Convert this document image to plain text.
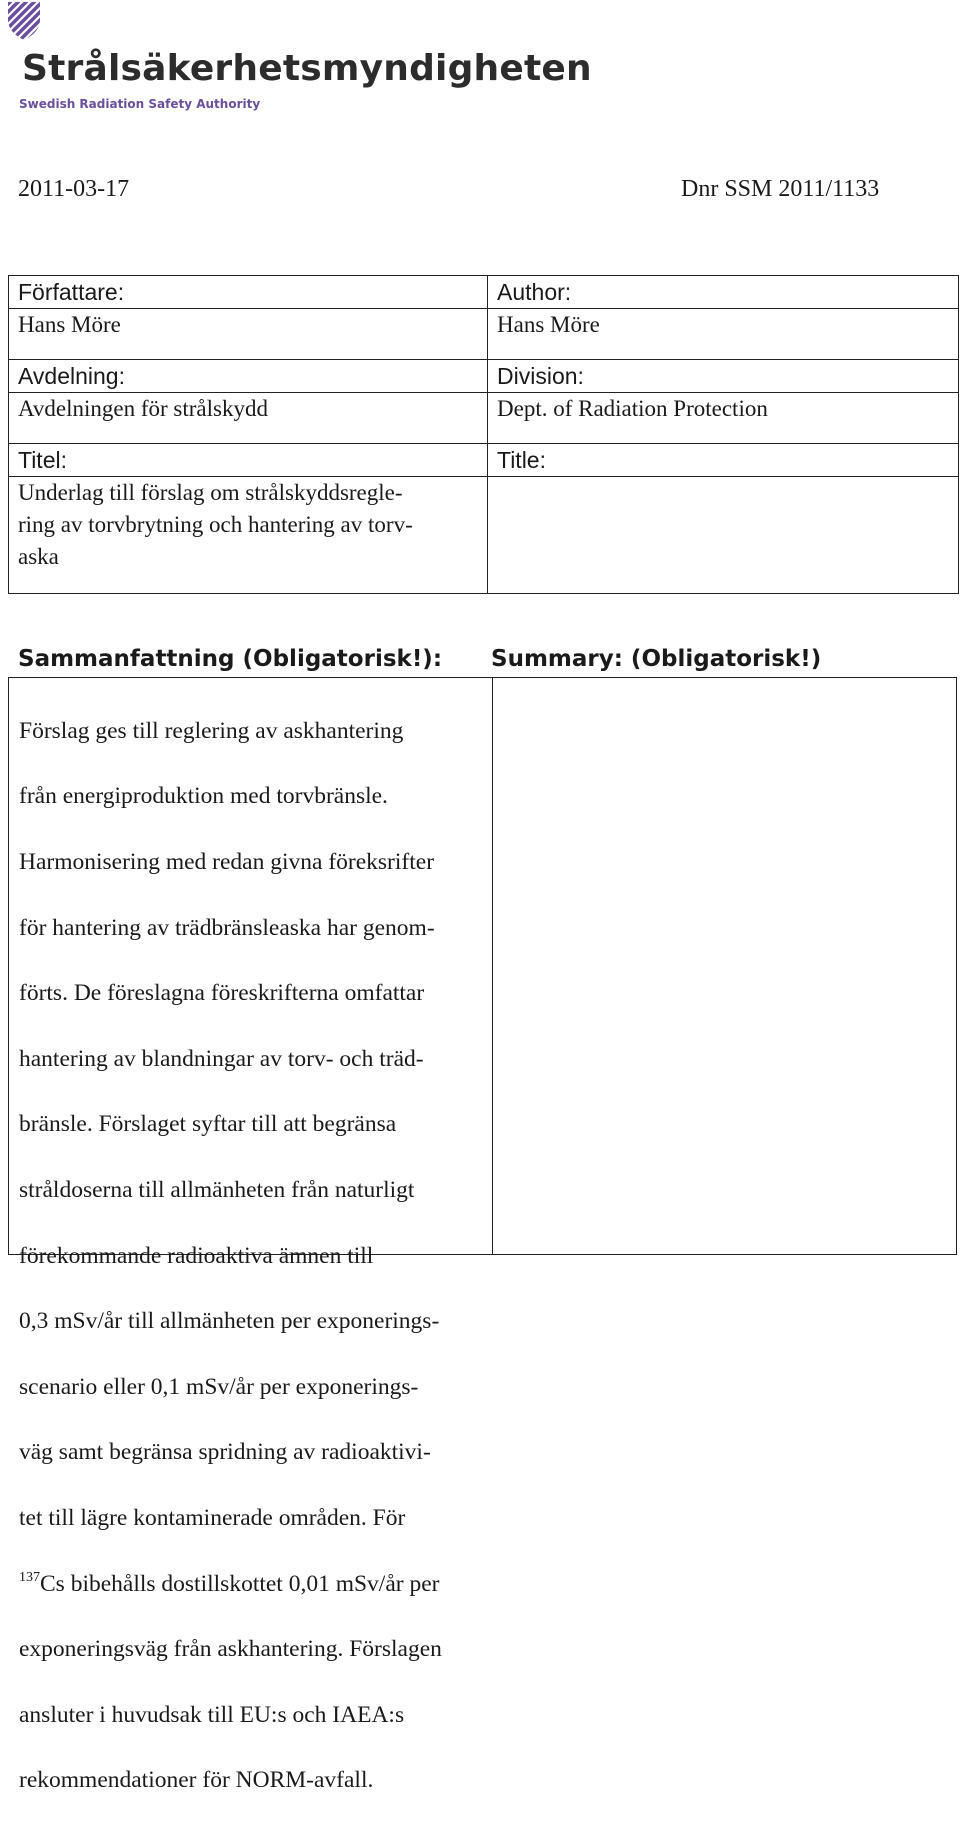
Strålsäkerhetsmyndigheten
Swedish Radiation Safety Authority
2011-03-17	Dnr SSM 2011/1133
Författare:	Author:
Hans Möre	Hans Möre
Avdelning:	Division:
Avdelningen för strålskydd	Dept. of Radiation Protection
Titel:	Title:

Underlag till förslag om strålskyddsregle-
ring av torvbrytning och hantering av torv-
aska	

Sammanfattning (Obligatorisk!): Summary: (Obligatorisk!)

Förslag ges till reglering av askhantering

från energiproduktion med torvbränsle.

Harmonisering med redan givna föreksrifter

för hantering av trädbränsleaska har genom-

förts. De föreslagna föreskrifterna omfattar

hantering av blandningar av torv- och träd-

bränsle. Förslaget syftar till att begränsa

stråldoserna till allmänheten från naturligt

förekommande radioaktiva ämnen till

0,3 mSv/år till allmänheten per exponerings-

scenario eller 0,1 mSv/år per exponerings-

väg samt begränsa spridning av radioaktivi-

tet till lägre kontaminerade områden. För

$^{137}$Cs bibehålls dostillskottet 0,01 mSv/år per

exponeringsväg från askhantering. Förslagen

ansluter i huvudsak till EU:s och IAEA:s

rekommendationer för NORM-avfall.
